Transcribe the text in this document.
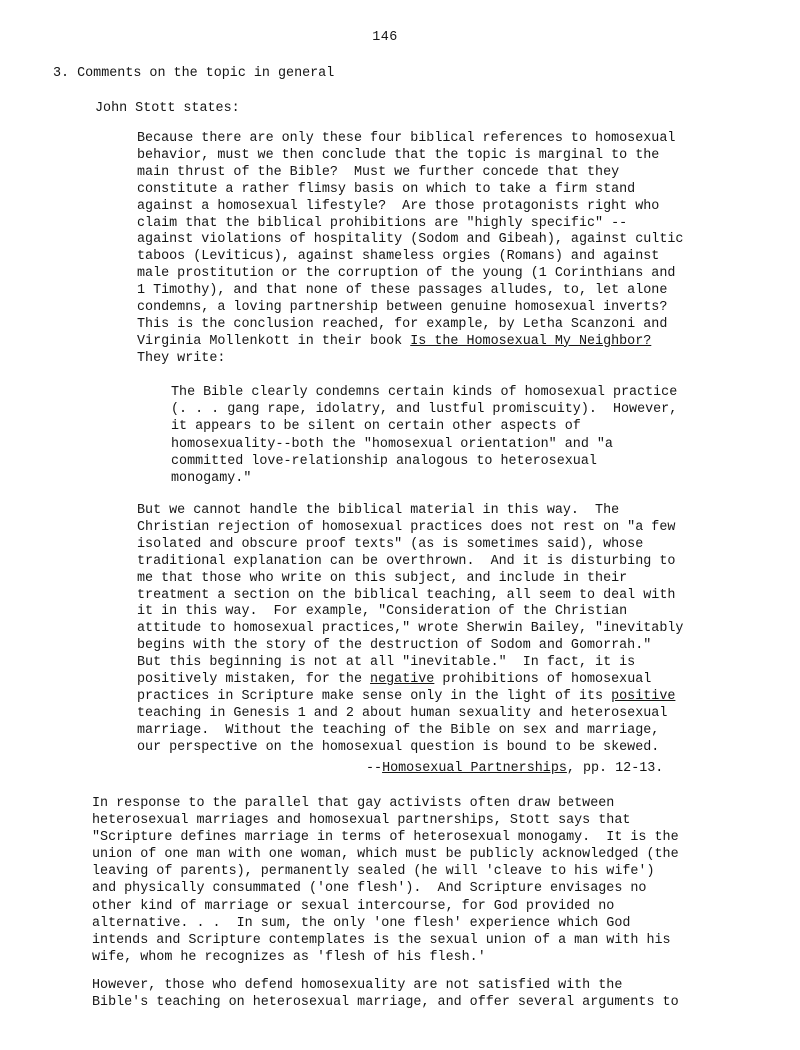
146
3. Comments on the topic in general
John Stott states:
Because there are only these four biblical references to homosexual
behavior, must we then conclude that the topic is marginal to the
main thrust of the Bible?  Must we further concede that they
constitute a rather flimsy basis on which to take a firm stand
against a homosexual lifestyle?  Are those protagonists right who
claim that the biblical prohibitions are "highly specific" --
against violations of hospitality (Sodom and Gibeah), against cultic
taboos (Leviticus), against shameless orgies (Romans) and against
male prostitution or the corruption of the young (1 Corinthians and
1 Timothy), and that none of these passages alludes, to, let alone
condemns, a loving partnership between genuine homosexual inverts?
This is the conclusion reached, for example, by Letha Scanzoni and
Virginia Mollenkott in their book Is the Homosexual My Neighbor?
They write:
The Bible clearly condemns certain kinds of homosexual practice
(. . . gang rape, idolatry, and lustful promiscuity).  However,
it appears to be silent on certain other aspects of
homosexuality--both the "homosexual orientation" and "a
committed love-relationship analogous to heterosexual
monogamy."
But we cannot handle the biblical material in this way.  The
Christian rejection of homosexual practices does not rest on "a few
isolated and obscure proof texts" (as is sometimes said), whose
traditional explanation can be overthrown.  And it is disturbing to
me that those who write on this subject, and include in their
treatment a section on the biblical teaching, all seem to deal with
it in this way.  For example, "Consideration of the Christian
attitude to homosexual practices," wrote Sherwin Bailey, "inevitably
begins with the story of the destruction of Sodom and Gomorrah."
But this beginning is not at all "inevitable."  In fact, it is
positively mistaken, for the negative prohibitions of homosexual
practices in Scripture make sense only in the light of its positive
teaching in Genesis 1 and 2 about human sexuality and heterosexual
marriage.  Without the teaching of the Bible on sex and marriage,
our perspective on the homosexual question is bound to be skewed.
--Homosexual Partnerships, pp. 12-13.
In response to the parallel that gay activists often draw between
heterosexual marriages and homosexual partnerships, Stott says that
"Scripture defines marriage in terms of heterosexual monogamy.  It is the
union of one man with one woman, which must be publicly acknowledged (the
leaving of parents), permanently sealed (he will 'cleave to his wife')
and physically consummated ('one flesh').  And Scripture envisages no
other kind of marriage or sexual intercourse, for God provided no
alternative. . .  In sum, the only 'one flesh' experience which God
intends and Scripture contemplates is the sexual union of a man with his
wife, whom he recognizes as 'flesh of his flesh.'
However, those who defend homosexuality are not satisfied with the
Bible's teaching on heterosexual marriage, and offer several arguments to
